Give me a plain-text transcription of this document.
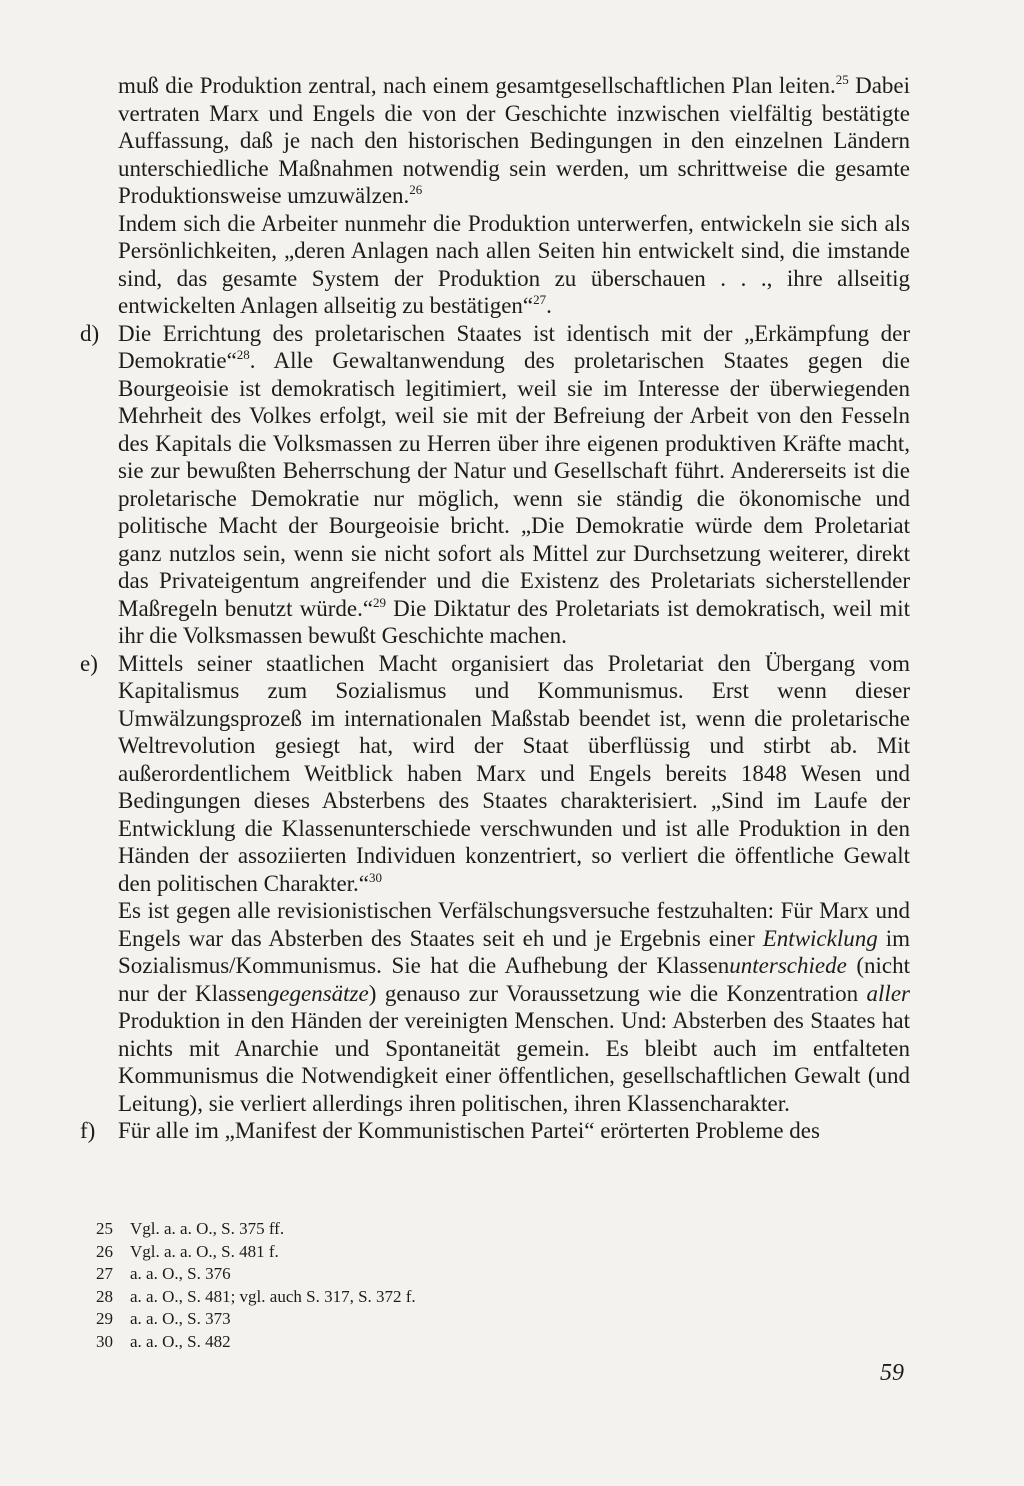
muß die Produktion zentral, nach einem gesamtgesellschaftlichen Plan leiten.$^{25}$ Dabei vertraten Marx und Engels die von der Geschichte inzwischen vielfältig bestätigte Auffassung, daß je nach den historischen Bedingungen in den einzelnen Ländern unterschiedliche Maßnahmen notwendig sein werden, um schrittweise die gesamte Produktionsweise umzuwälzen.$^{26}$

Indem sich die Arbeiter nunmehr die Produktion unterwerfen, entwickeln sie sich als Persönlichkeiten, „deren Anlagen nach allen Seiten hin entwickelt sind, die imstande sind, das gesamte System der Produktion zu überschauen . . ., ihre allseitig entwickelten Anlagen allseitig zu bestätigen“$^{27}$.

d) Die Errichtung des proletarischen Staates ist identisch mit der „Erkämpfung der Demokratie“$^{28}$. Alle Gewaltanwendung des proletarischen Staates gegen die Bourgeoisie ist demokratisch legitimiert, weil sie im Interesse der überwiegenden Mehrheit des Volkes erfolgt, weil sie mit der Befreiung der Arbeit von den Fesseln des Kapitals die Volksmassen zu Herren über ihre eigenen produktiven Kräfte macht, sie zur bewußten Beherrschung der Natur und Gesellschaft führt. Andererseits ist die proletarische Demokratie nur möglich, wenn sie ständig die ökonomische und politische Macht der Bourgeoisie bricht. „Die Demokratie würde dem Proletariat ganz nutzlos sein, wenn sie nicht sofort als Mittel zur Durchsetzung weiterer, direkt das Privateigentum angreifender und die Existenz des Proletariats sicherstellender Maßregeln benutzt würde.“$^{29}$ Die Diktatur des Proletariats ist demokratisch, weil mit ihr die Volksmassen bewußt Geschichte machen.

e) Mittels seiner staatlichen Macht organisiert das Proletariat den Übergang vom Kapitalismus zum Sozialismus und Kommunismus. Erst wenn dieser Umwälzungsprozeß im internationalen Maßstab beendet ist, wenn die proletarische Weltrevolution gesiegt hat, wird der Staat überflüssig und stirbt ab. Mit außerordentlichem Weitblick haben Marx und Engels bereits 1848 Wesen und Bedingungen dieses Absterbens des Staates charakterisiert. „Sind im Laufe der Entwicklung die Klassenunterschiede verschwunden und ist alle Produktion in den Händen der assoziierten Individuen konzentriert, so verliert die öffentliche Gewalt den politischen Charakter.“$^{30}$

Es ist gegen alle revisionistischen Verfälschungsversuche festzuhalten: Für Marx und Engels war das Absterben des Staates seit eh und je Ergebnis einer Entwicklung im Sozialismus/Kommunismus. Sie hat die Aufhebung der Klassenunterschiede (nicht nur der Klassengegensätze) genauso zur Voraussetzung wie die Konzentration aller Produktion in den Händen der vereinigten Menschen. Und: Absterben des Staates hat nichts mit Anarchie und Spontaneität gemein. Es bleibt auch im entfalteten Kommunismus die Notwendigkeit einer öffentlichen, gesellschaftlichen Gewalt (und Leitung), sie verliert allerdings ihren politischen, ihren Klassencharakter.

f) Für alle im „Manifest der Kommunistischen Partei“ erörterten Probleme des

25	Vgl. a. a. O., S. 375 ff.
26	Vgl. a. a. O., S. 481 f.
27	a. a. O., S. 376
28	a. a. O., S. 481; vgl. auch S. 317, S. 372 f.
29	a. a. O., S. 373
30	a. a. O., S. 482
59
